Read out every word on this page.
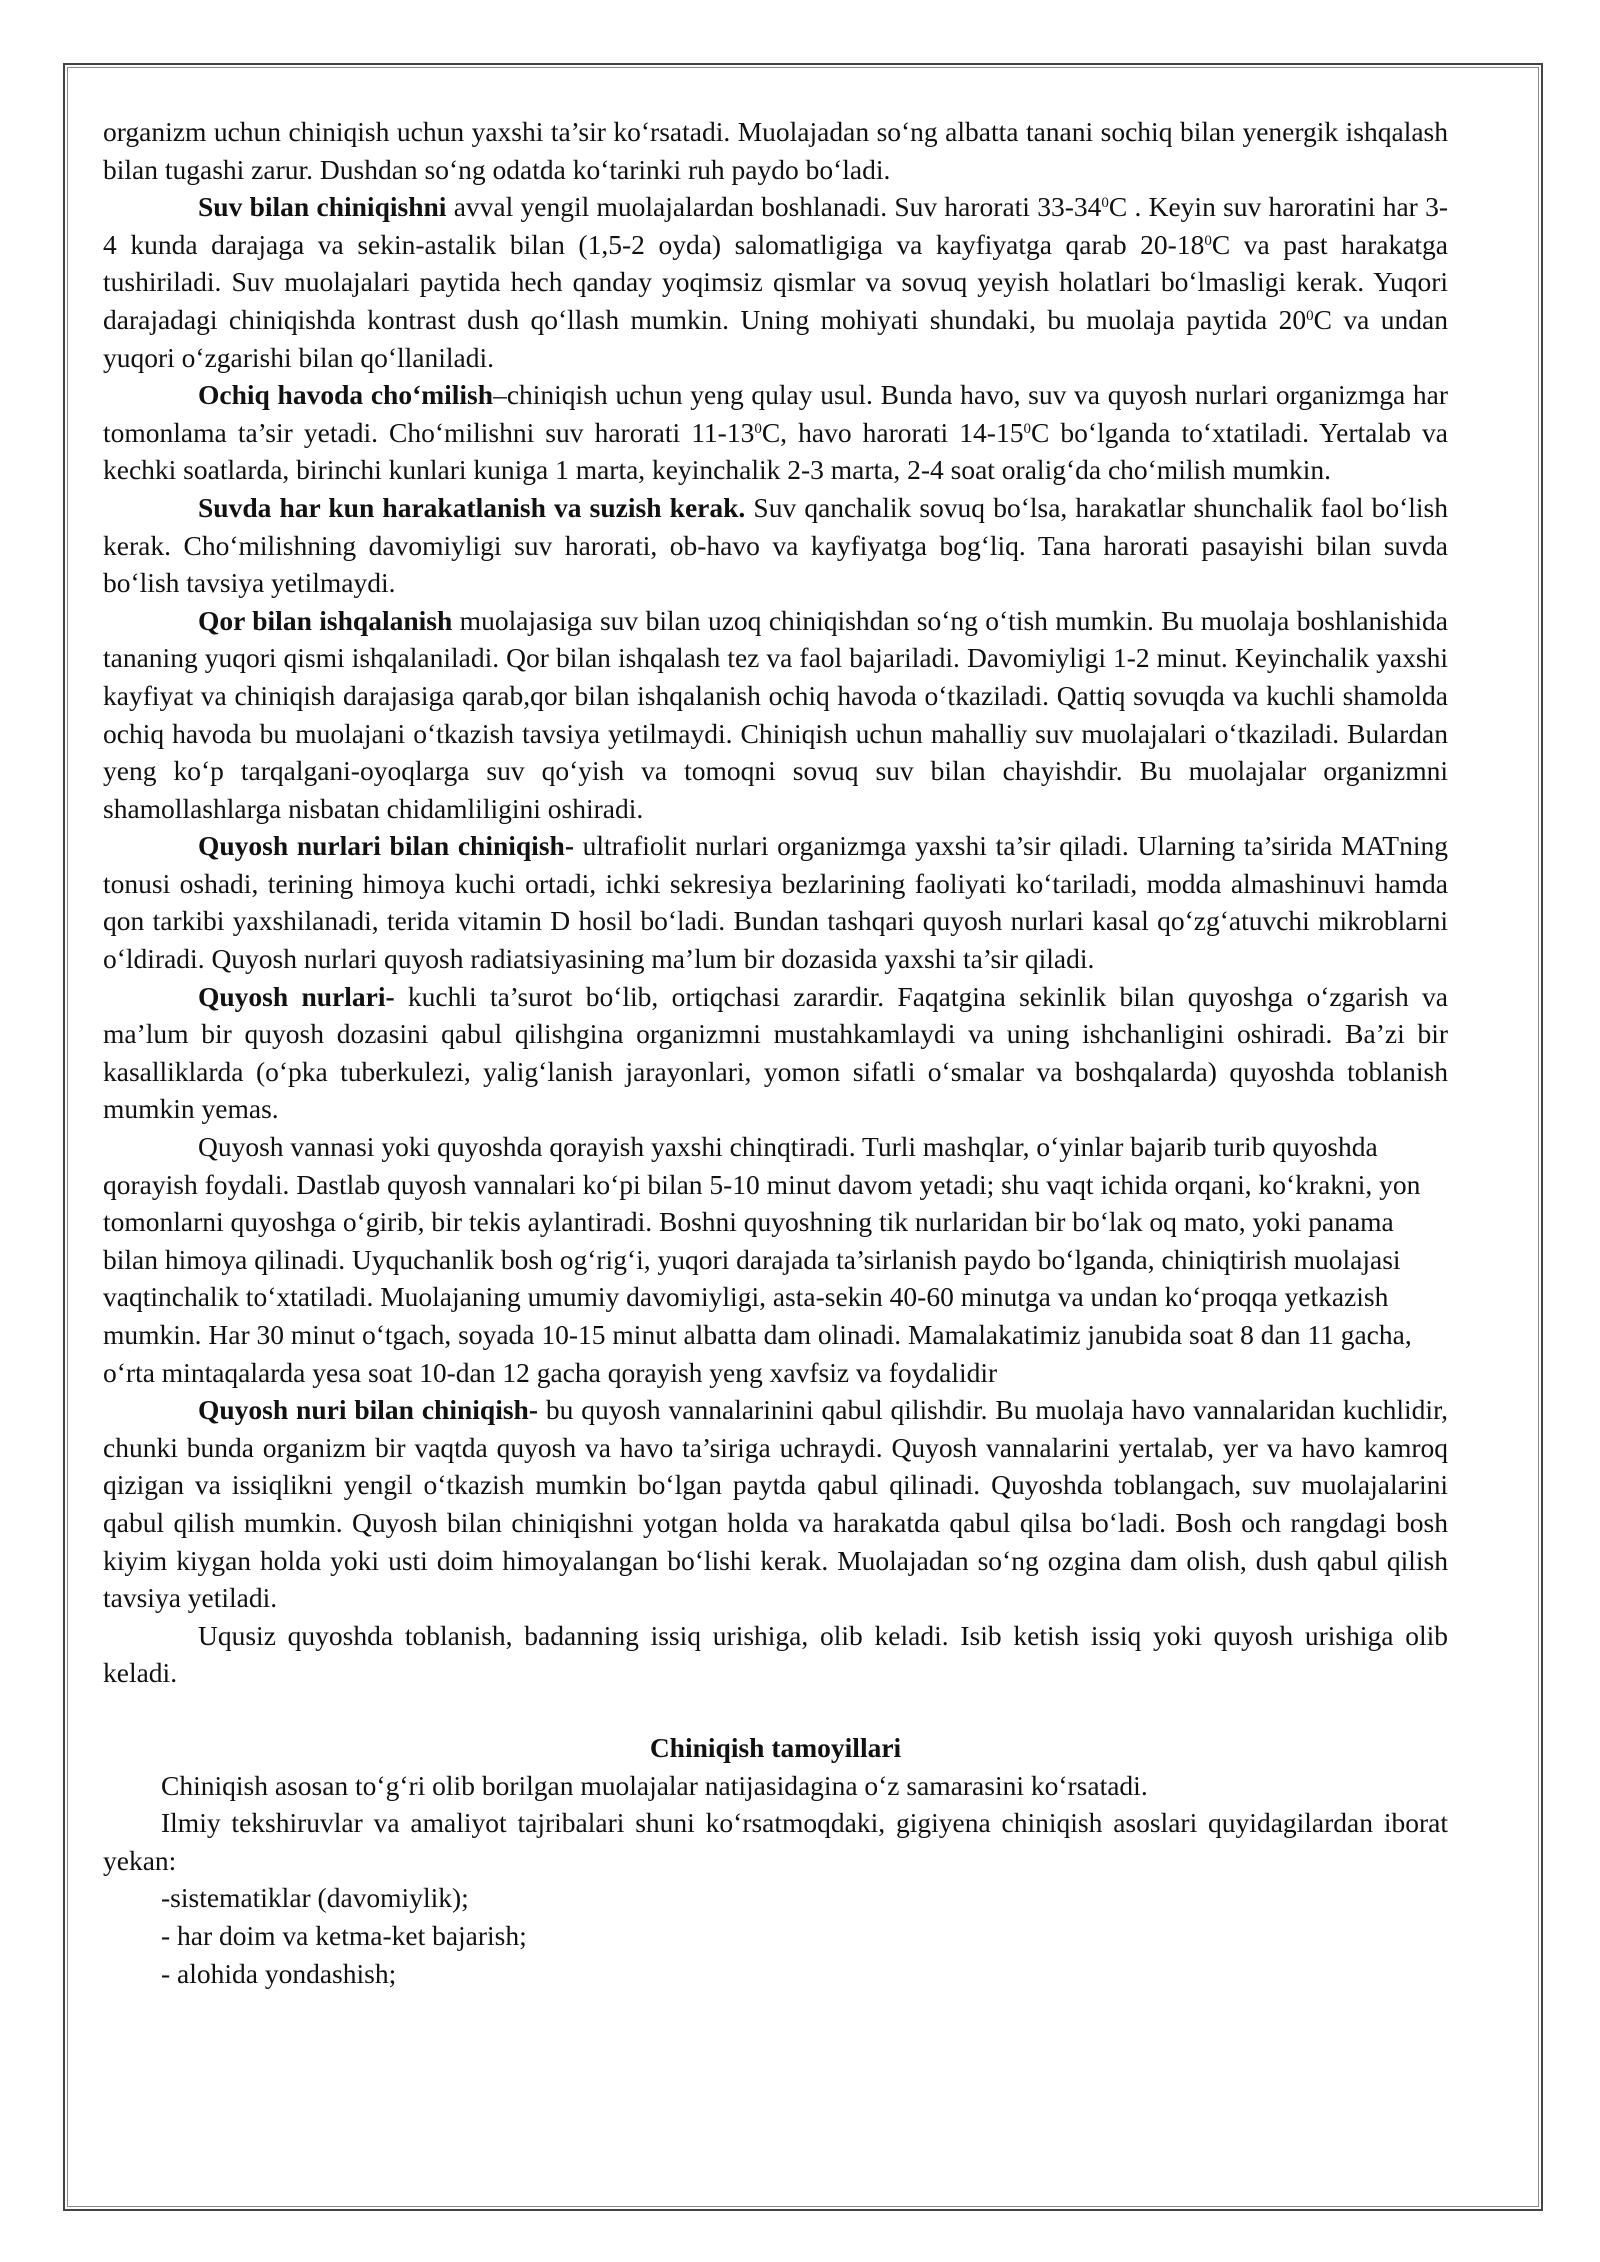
organizm uchun chiniqish uchun yaxshi ta’sir ko‘rsatadi. Muolajadan so‘ng albatta tanani sochiq bilan yenergik ishqalash bilan tugashi zarur. Dushdan so‘ng odatda ko‘tarinki ruh paydo bo‘ladi.

Suv bilan chiniqishni avval yengil muolajalardan boshlanadi. Suv harorati $33-34^0C$ . Keyin suv haroratini har 3-4 kunda darajaga va sekin-astalik bilan (1,5-2 oyda) salomatligiga va kayfiyatga qarab $20-18^0C$ va past harakatga tushiriladi. Suv muolajalari paytida hech qanday yoqimsiz qismlar va sovuq yeyish holatlari bo‘lmasligi kerak. Yuqori darajadagi chiniqishda kontrast dush qo‘llash mumkin. Uning mohiyati shundaki, bu muolaja paytida $20^0C$ va undan yuqori o‘zgarishi bilan qo‘llaniladi.

Ochiq havoda cho‘milish–chiniqish uchun yeng qulay usul. Bunda havo, suv va quyosh nurlari organizmga har tomonlama ta’sir yetadi. Cho‘milishni suv harorati $11-13^0C$, havo harorati $14-15^0C$ bo‘lganda to‘xtatiladi. Yertalab va kechki soatlarda, birinchi kunlari kuniga 1 marta, keyinchalik 2-3 marta, 2-4 soat oralig‘da cho‘milish mumkin.

Suvda har kun harakatlanish va suzish kerak. Suv qanchalik sovuq bo‘lsa, harakatlar shunchalik faol bo‘lish kerak. Cho‘milishning davomiyligi suv harorati, ob-havo va kayfiyatga bog‘liq. Tana harorati pasayishi bilan suvda bo‘lish tavsiya yetilmaydi.

Qor bilan ishqalanish muolajasiga suv bilan uzoq chiniqishdan so‘ng o‘tish mumkin. Bu muolaja boshlanishida tananing yuqori qismi ishqalaniladi. Qor bilan ishqalash tez va faol bajariladi. Davomiyligi 1-2 minut. Keyinchalik yaxshi kayfiyat va chiniqish darajasiga qarab,qor bilan ishqalanish ochiq havoda o‘tkaziladi. Qattiq sovuqda va kuchli shamolda ochiq havoda bu muolajani o‘tkazish tavsiya yetilmaydi. Chiniqish uchun mahalliy suv muolajalari o‘tkaziladi. Bulardan yeng ko‘p tarqalgani-oyoqlarga suv qo‘yish va tomoqni sovuq suv bilan chayishdir. Bu muolajalar organizmni shamollashlarga nisbatan chidamliligini oshiradi.

Quyosh nurlari bilan chiniqish- ultrafiolit nurlari organizmga yaxshi ta’sir qiladi. Ularning ta’sirida MATning tonusi oshadi, terining himoya kuchi ortadi, ichki sekresiya bezlarining faoliyati ko‘tariladi, modda almashinuvi hamda qon tarkibi yaxshilanadi, terida vitamin D hosil bo‘ladi. Bundan tashqari quyosh nurlari kasal qo‘zg‘atuvchi mikroblarni o‘ldiradi. Quyosh nurlari quyosh radiatsiyasining ma’lum bir dozasida yaxshi ta’sir qiladi.

Quyosh nurlari- kuchli ta’surot bo‘lib, ortiqchasi zarardir. Faqatgina sekinlik bilan quyoshga o‘zgarish va ma’lum bir quyosh dozasini qabul qilishgina organizmni mustahkamlaydi va uning ishchanligini oshiradi. Ba’zi bir kasalliklarda (o‘pka tuberkulezi, yalig‘lanish jarayonlari, yomon sifatli o‘smalar va boshqalarda) quyoshda toblanish mumkin yemas.

Quyosh vannasi yoki quyoshda qorayish yaxshi chinqtiradi. Turli mashqlar, o‘yinlar bajarib turib quyoshda qorayish foydali. Dastlab quyosh vannalari ko‘pi bilan 5-10 minut davom yetadi; shu vaqt ichida orqani, ko‘krakni, yon tomonlarni quyoshga o‘girib, bir tekis aylantiradi. Boshni quyoshning tik nurlaridan bir bo‘lak oq mato, yoki panama bilan himoya qilinadi. Uyquchanlik bosh og‘rig‘i, yuqori darajada ta’sirlanish paydo bo‘lganda, chiniqtirish muolajasi vaqtinchalik to‘xtatiladi. Muolajaning umumiy davomiyligi, asta-sekin 40-60 minutga va undan ko‘proqqa yetkazish mumkin. Har 30 minut o‘tgach, soyada 10-15 minut albatta dam olinadi. Mamalakatimiz janubida soat 8 dan 11 gacha, o‘rta mintaqalarda yesa soat 10-dan 12 gacha qorayish yeng xavfsiz va foydalidir

Quyosh nuri bilan chiniqish- bu quyosh vannalarinini qabul qilishdir. Bu muolaja havo vannalaridan kuchlidir, chunki bunda organizm bir vaqtda quyosh va havo ta’siriga uchraydi. Quyosh vannalarini yertalab, yer va havo kamroq qizigan va issiqlikni yengil o‘tkazish mumkin bo‘lgan paytda qabul qilinadi. Quyoshda toblangach, suv muolajalarini qabul qilish mumkin. Quyosh bilan chiniqishni yotgan holda va harakatda qabul qilsa bo‘ladi. Bosh och rangdagi bosh kiyim kiygan holda yoki usti doim himoyalangan bo‘lishi kerak. Muolajadan so‘ng ozgina dam olish, dush qabul qilish tavsiya yetiladi.

Uqusiz quyoshda toblanish, badanning issiq urishiga, olib keladi. Isib ketish issiq yoki quyosh urishiga olib keladi.

Chiniqish tamoyillari

Chiniqish asosan to‘g‘ri olib borilgan muolajalar natijasidagina o‘z samarasini ko‘rsatadi.

Ilmiy tekshiruvlar va amaliyot tajribalari shuni ko‘rsatmoqdaki, gigiyena chiniqish asoslari quyidagilardan iborat yekan:

-sistematiklar (davomiylik);

- har doim va ketma-ket bajarish;

- alohida yondashish;
